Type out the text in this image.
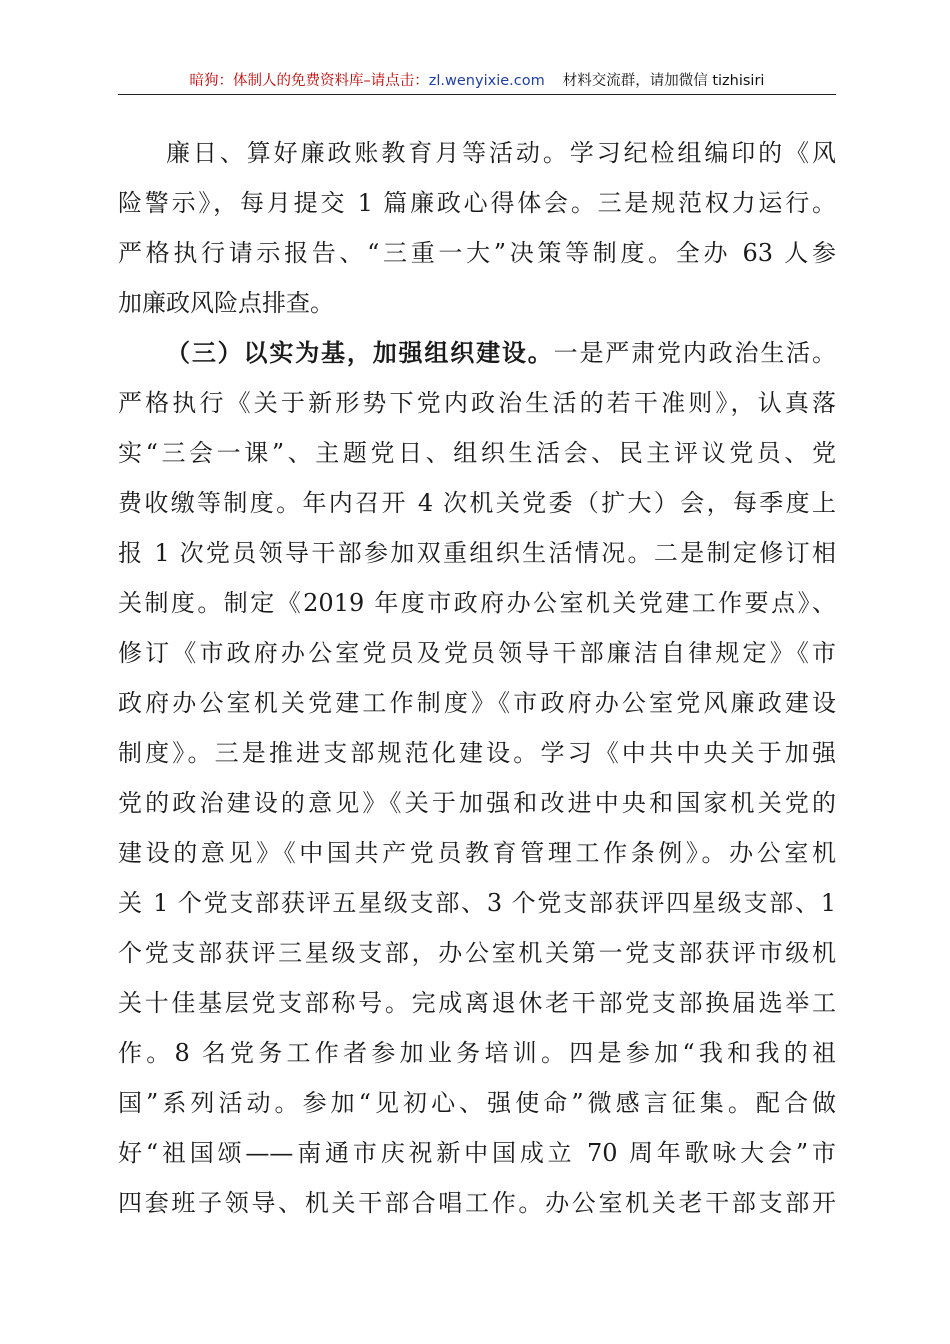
暗狗：体制人的免费资料库–请点击：zl.wenyixie.com 材料交流群，请加微信 tizhisiri
廉日、算好廉政账教育月等活动。学习纪检组编印的《风
险警示》，每月提交 1 篇廉政心得体会。三是规范权力运行。
严格执行请示报告、“三重一大”决策等制度。全办 63 人参
加廉政风险点排查。
（三）以实为基，加强组织建设。一是严肃党内政治生活。
严格执行《关于新形势下党内政治生活的若干准则》，认真落
实“三会一课”、主题党日、组织生活会、民主评议党员、党
费收缴等制度。年内召开 4 次机关党委（扩大）会，每季度上
报 1 次党员领导干部参加双重组织生活情况。二是制定修订相
关制度。制定《2019 年度市政府办公室机关党建工作要点》、
修订《市政府办公室党员及党员领导干部廉洁自律规定》《市
政府办公室机关党建工作制度》《市政府办公室党风廉政建设
制度》。三是推进支部规范化建设。学习《中共中央关于加强
党的政治建设的意见》《关于加强和改进中央和国家机关党的
建设的意见》《中国共产党员教育管理工作条例》。办公室机
关 1 个党支部获评五星级支部、3 个党支部获评四星级支部、1
个党支部获评三星级支部，办公室机关第一党支部获评市级机
关十佳基层党支部称号。完成离退休老干部党支部换届选举工
作。8 名党务工作者参加业务培训。四是参加“我和我的祖
国”系列活动。参加“见初心、强使命”微感言征集。配合做
好“祖国颂——南通市庆祝新中国成立 70 周年歌咏大会”市
四套班子领导、机关干部合唱工作。办公室机关老干部支部开
